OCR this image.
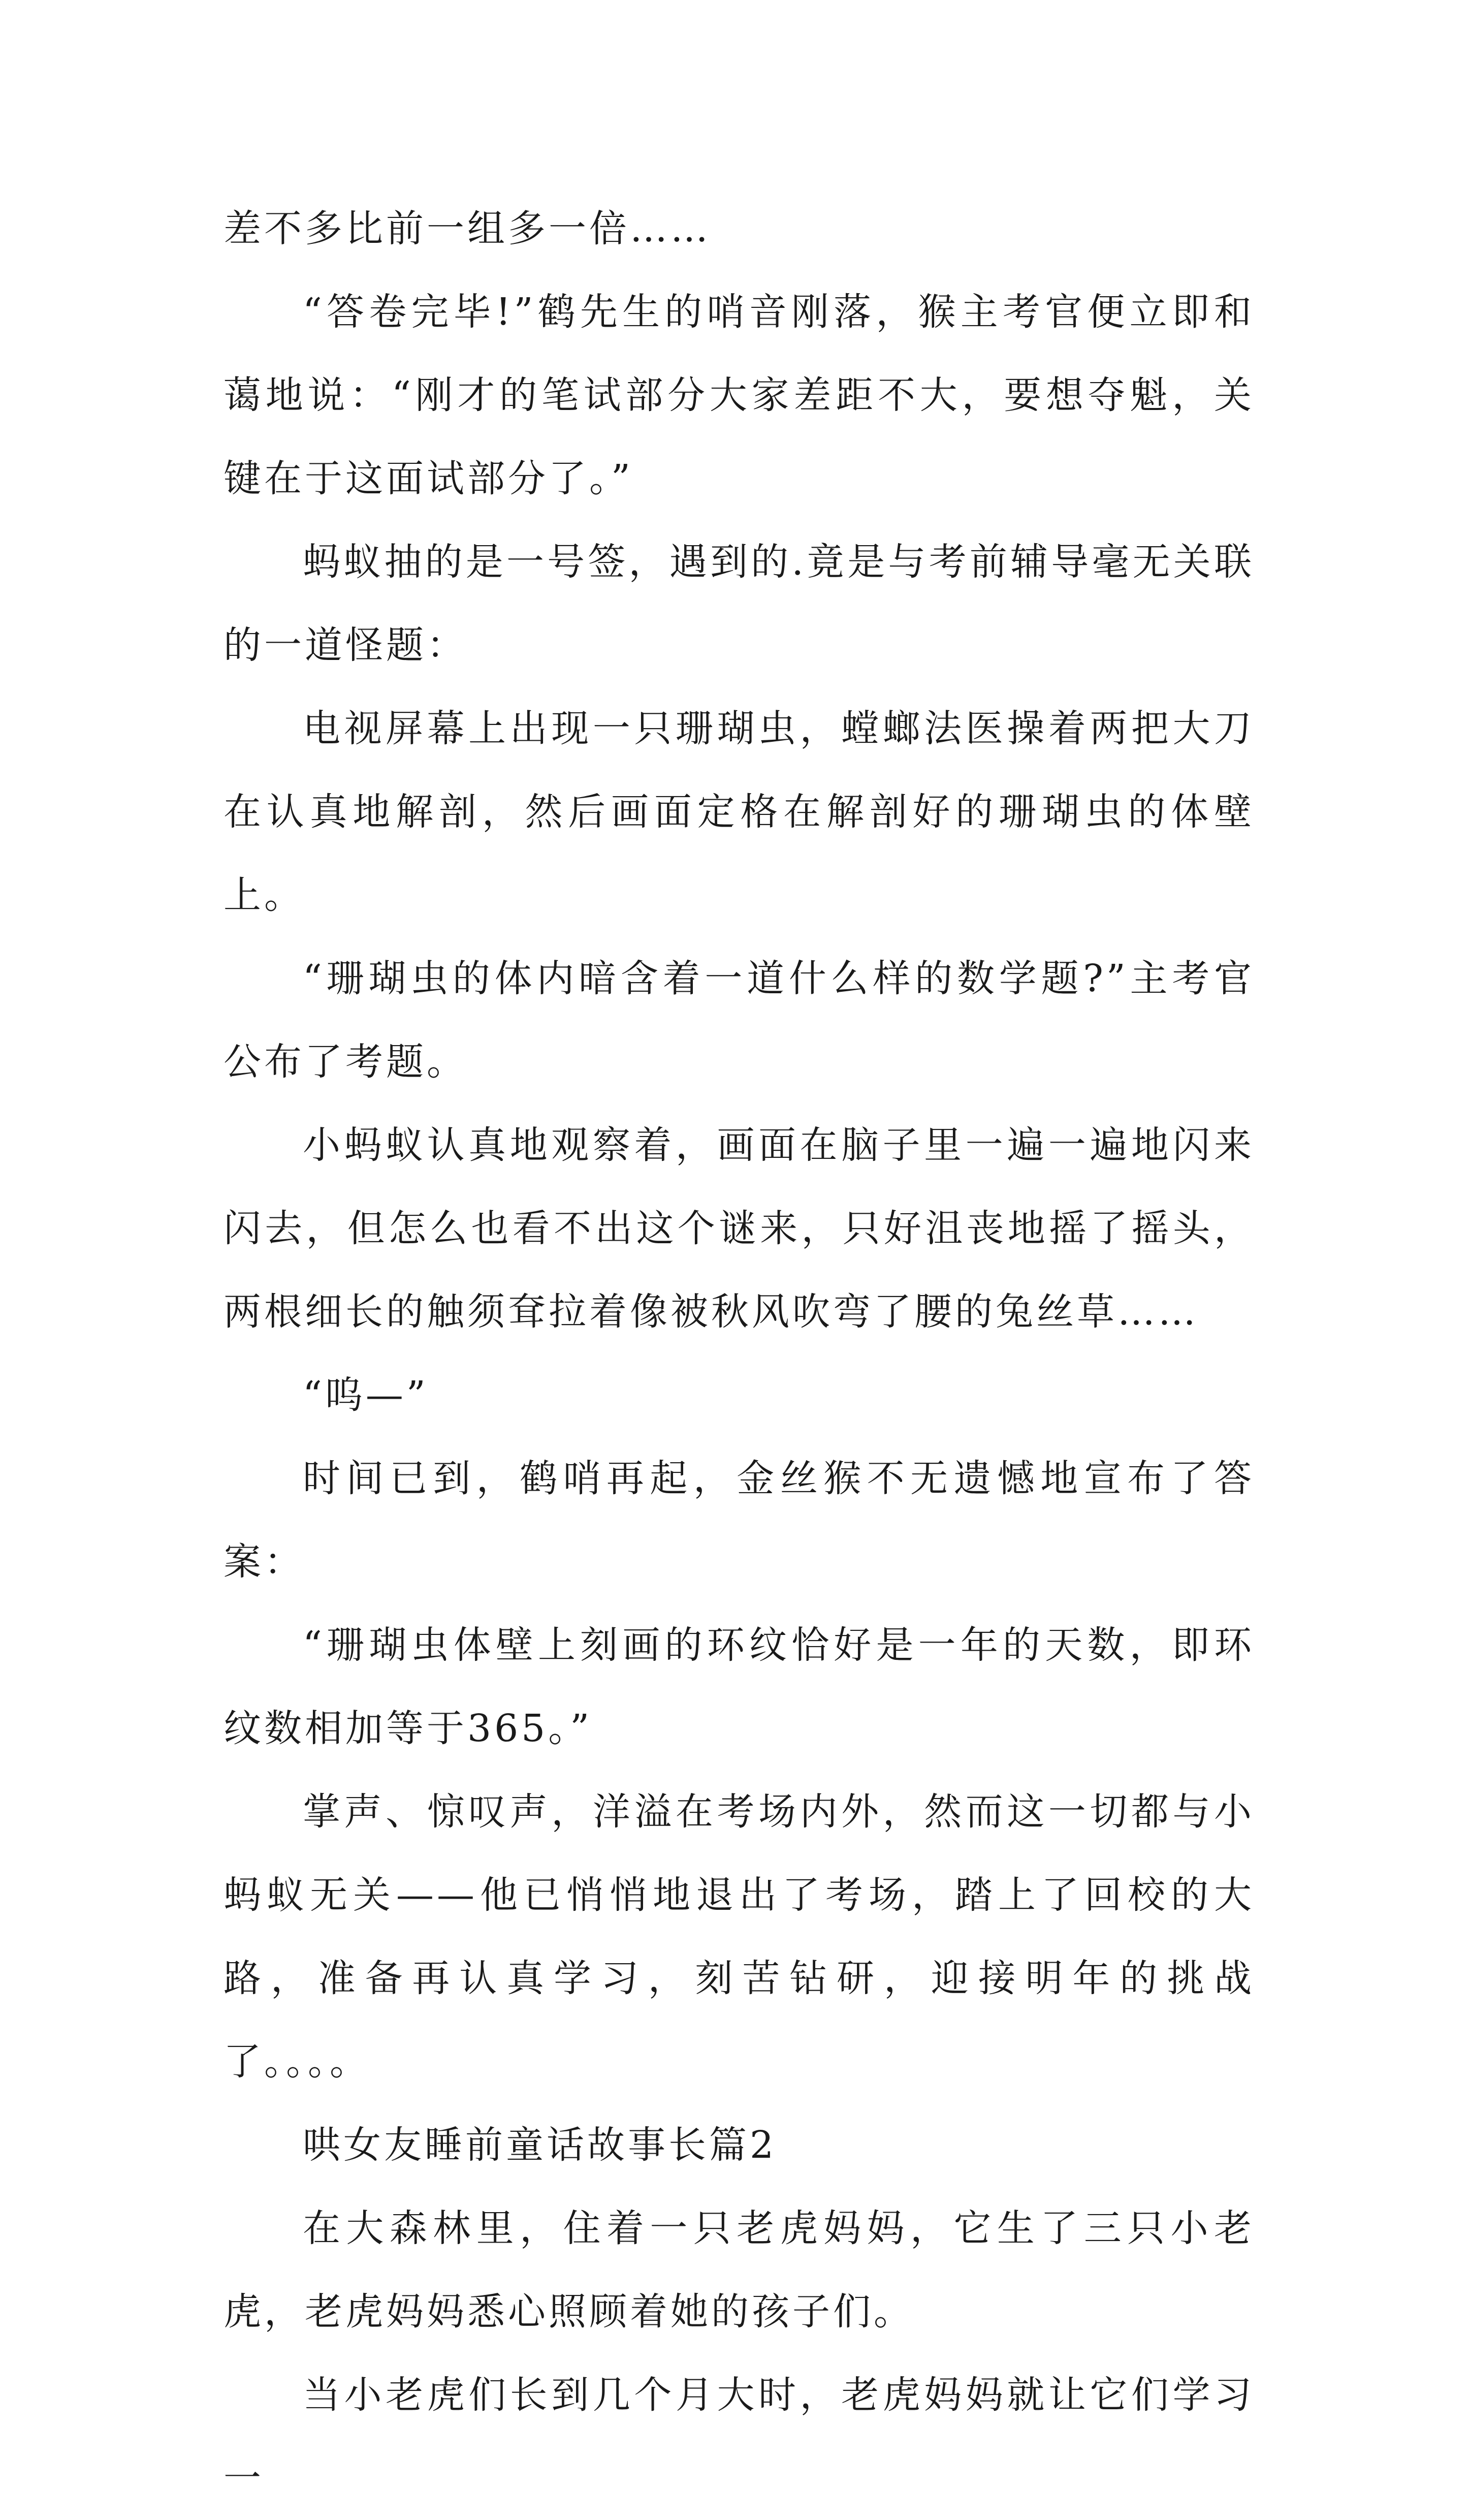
差不多比前一组多一倍……

“答卷完毕!”鹤先生的哨音刚落，猴主考官便立即和蔼地说：“刚才的笔试部分大家差距不大，要想夺魁，关键在于这面试部分了。”

蚂蚁抽的是一号签，遇到的.竟是与考前辅导毫无关联的一道怪题：

电视屏幕上出现一只珊瑚虫，螳螂法医操着两把大刀在认真地解剖，然后画面定格在解剖好的珊瑚虫的体壁上。

“珊瑚虫的体内暗含着一道什么样的数学题?”主考官公布了考题。

小蚂蚁认真地观察着，画面在脑子里一遍一遍地闪来闪去，但怎么也看不出这个谜来，只好沮丧地摇了摇头，两根细长的触须耷拉着像被秋风吹弯了腰的兔丝草……

“呜—”

时间已到，鹤哨再起，金丝猴不无遗憾地宣布了答案：

“珊瑚虫体壁上刻画的环纹恰好是一年的天数，即环纹数相加等于365。”

掌声、惊叹声，洋溢在考场内外，然而这一切都与小蚂蚁无关——他已悄悄地退出了考场，踏上了回校的大路，准备再认真学习，刻苦钻研，迎接明年的挑战了。。。。

哄女友睡前童话故事长篇2

在大森林里，住着一只老虎妈妈，它生了三只小老虎，老虎妈妈悉心照顾着她的孩子们。

当小老虎们长到几个月大时，老虎妈妈就让它们学习一
